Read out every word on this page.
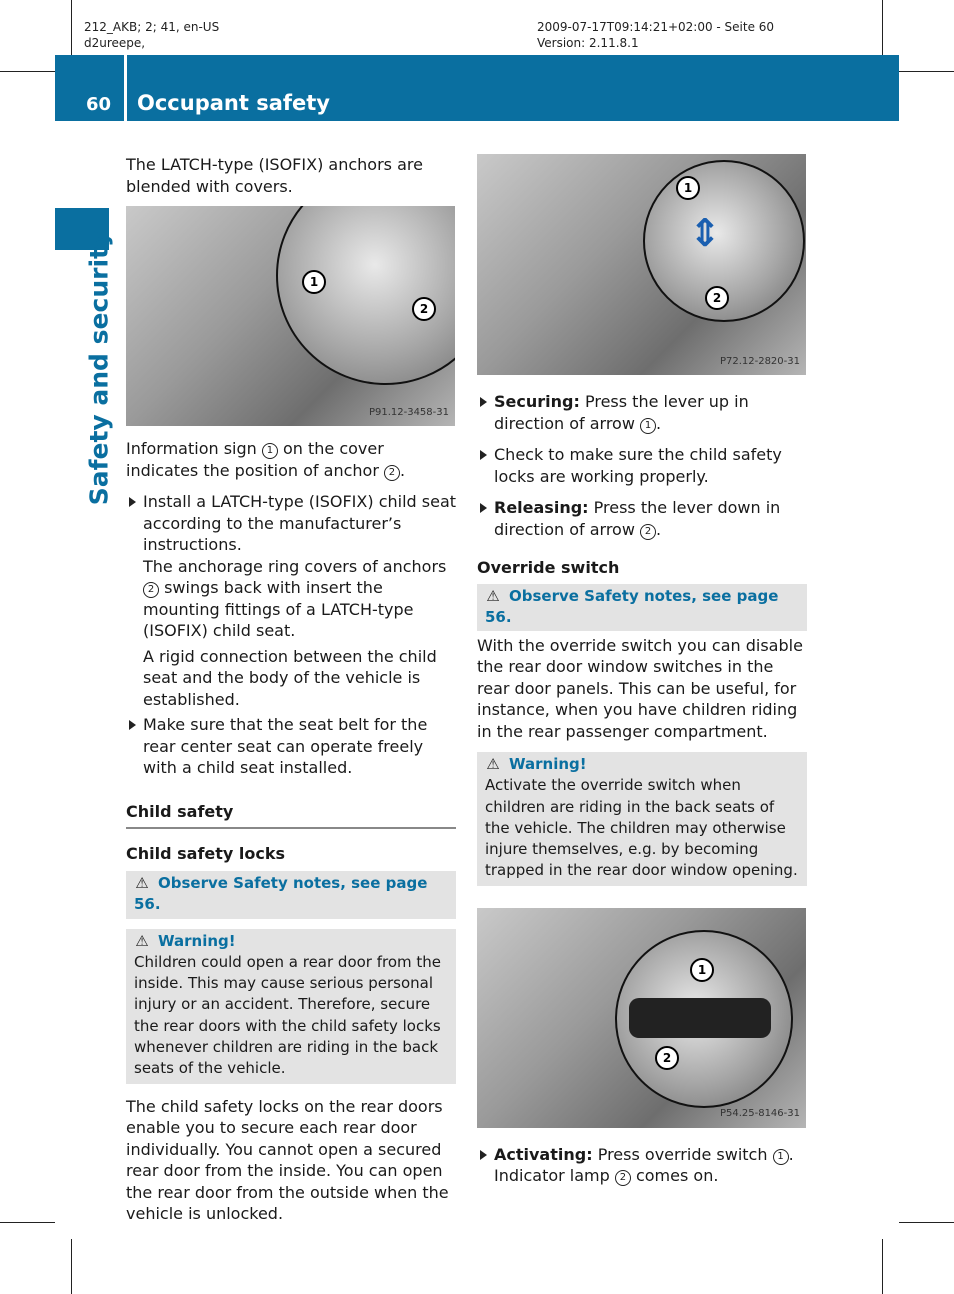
212_AKB; 2; 41, en-US
d2ureepe,
2009-07-17T09:14:21+02:00 - Seite 60
Version: 2.11.8.1
60 Occupant safety
Safety and security

The LATCH-type (ISOFIX) anchors are blended with covers.

1
2
P91.12-3458-31

Information sign 1 on the cover indicates the position of anchor 2 .

Install a LATCH-type (ISOFIX) child seat according to the manufacturer’s instructions.
The anchorage ring covers of anchors 2 swings back with insert the mounting fittings of a LATCH-type (ISOFIX) child seat.
A rigid connection between the child seat and the body of the vehicle is established.
Make sure that the seat belt for the rear center seat can operate freely with a child seat installed.
Child safety
Child safety locks
⚠ Observe Safety notes, see page 56.
⚠ Warning!
Children could open a rear door from the inside. This may cause serious personal injury or an accident. Therefore, secure the rear doors with the child safety locks whenever children are riding in the back seats of the vehicle.

The child safety locks on the rear doors enable you to secure each rear door individually. You cannot open a secured rear door from the inside. You can open the rear door from the outside when the vehicle is unlocked.

1
2
⇕
P72.12-2820-31
Securing: Press the lever up in direction of arrow 1 .
Check to make sure the child safety locks are working properly.
Releasing: Press the lever down in direction of arrow 2 .
Override switch
⚠ Observe Safety notes, see page 56.

With the override switch you can disable the rear door window switches in the rear door panels. This can be useful, for instance, when you have children riding in the rear passenger compartment.

⚠ Warning!
Activate the override switch when children are riding in the back seats of the vehicle. The children may otherwise injure themselves, e.g. by becoming trapped in the rear door window opening.
1
2
P54.25-8146-31
Activating: Press override switch 1 .
Indicator lamp 2 comes on.
